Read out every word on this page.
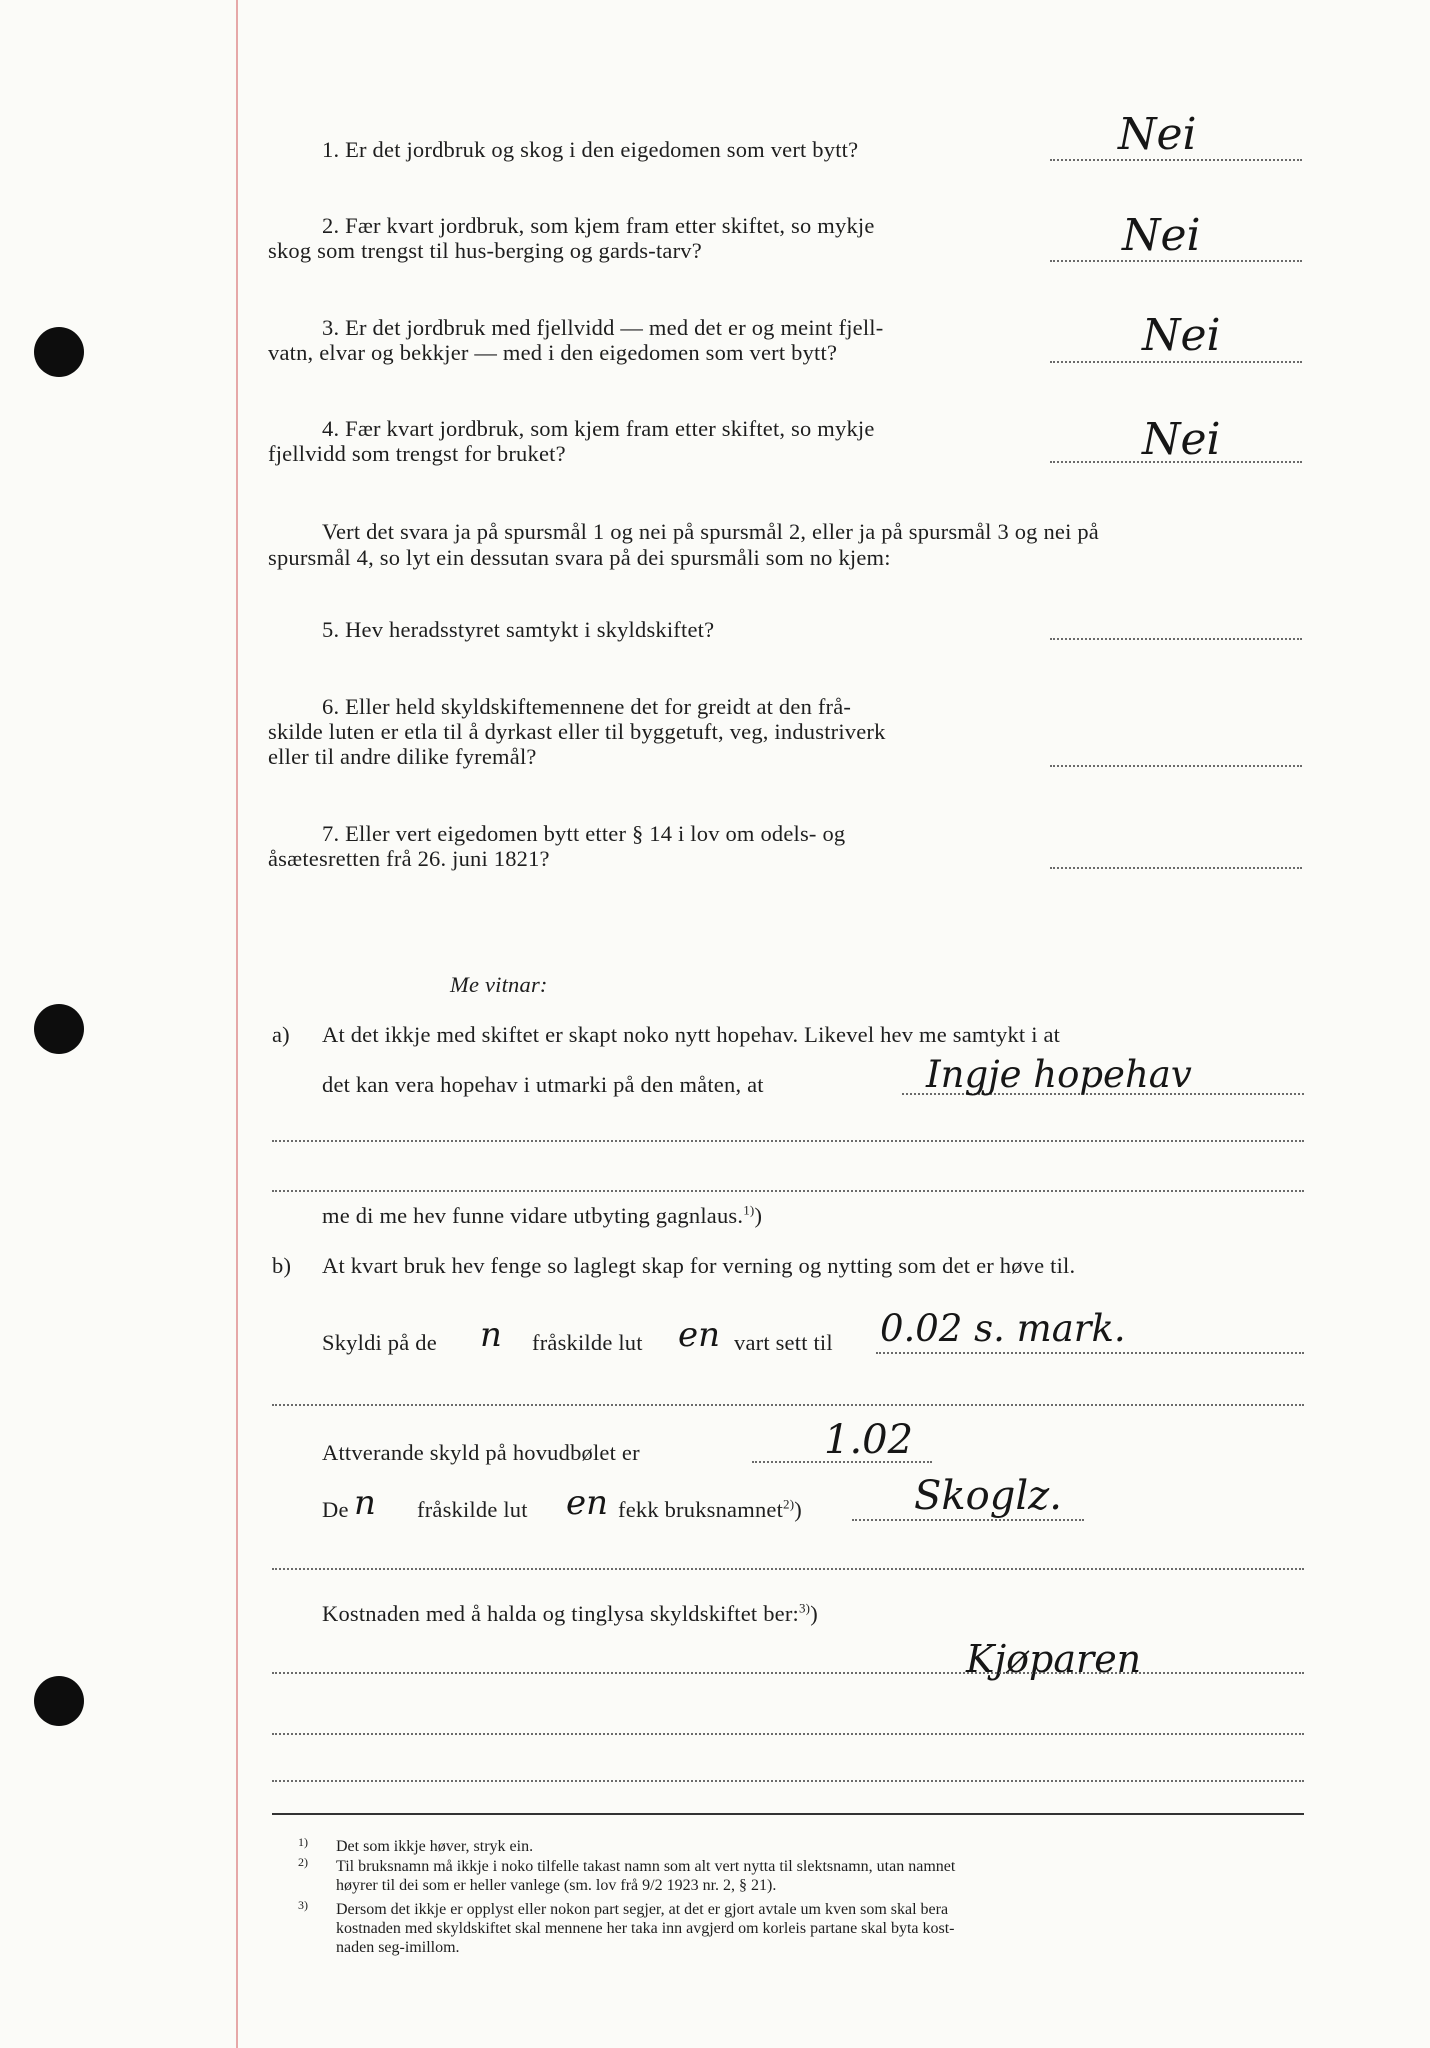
1. Er det jordbruk og skog i den eigedomen som vert bytt?	Nei
2. Fær kvart jordbruk, som kjem fram etter skiftet, so mykje
skog som trengst til hus-berging og gards-tarv?	Nei
3. Er det jordbruk med fjellvidd — med det er og meint fjell-
vatn, elvar og bekkjer — med i den eigedomen som vert bytt?	Nei
4. Fær kvart jordbruk, som kjem fram etter skiftet, so mykje
fjellvidd som trengst for bruket?	Nei
Vert det svara ja på spursmål 1 og nei på spursmål 2, eller ja på spursmål 3 og nei på
spursmål 4, so lyt ein dessutan svara på dei spursmåli som no kjem:
5. Hev heradsstyret samtykt i skyldskiftet?
6. Eller held skyldskiftemennene det for greidt at den frå-
skilde luten er etla til å dyrkast eller til byggetuft, veg, industriverk
eller til andre dilike fyremål?
7. Eller vert eigedomen bytt etter § 14 i lov om odels- og
åsætesretten frå 26. juni 1821?
Me vitnar:
a) At det ikkje med skiftet er skapt noko nytt hopehav. Likevel hev me samtykt i at
det kan vera hopehav i utmarki på den måten, at	Ingje hopehav
me di me hev funne vidare utbyting gagnlaus.$^{1)}$)
b) At kvart bruk hev fenge so laglegt skap for verning og nytting som det er høve til.
Skyldi på de n fråskilde lut en vart sett til 0.02 s. mark.
Attverande skyld på hovudbølet er	1.02
De n fråskilde lut en fekk bruksnamnet$^{2)}$)	Skoglz.
Kostnaden med å halda og tinglysa skyldskiftet ber:$^{3)}$)
Kjøparen
1) Det som ikkje høver, stryk ein.
2) Til bruksnamn må ikkje i noko tilfelle takast namn som alt vert nytta til slektsnamn, utan namnet
høyrer til dei som er heller vanlege (sm. lov frå 9/2 1923 nr. 2, § 21).
3) Dersom det ikkje er opplyst eller nokon part segjer, at det er gjort avtale um kven som skal bera
kostnaden med skyldskiftet skal mennene her taka inn avgjerd om korleis partane skal byta kost-
naden seg-imillom.
